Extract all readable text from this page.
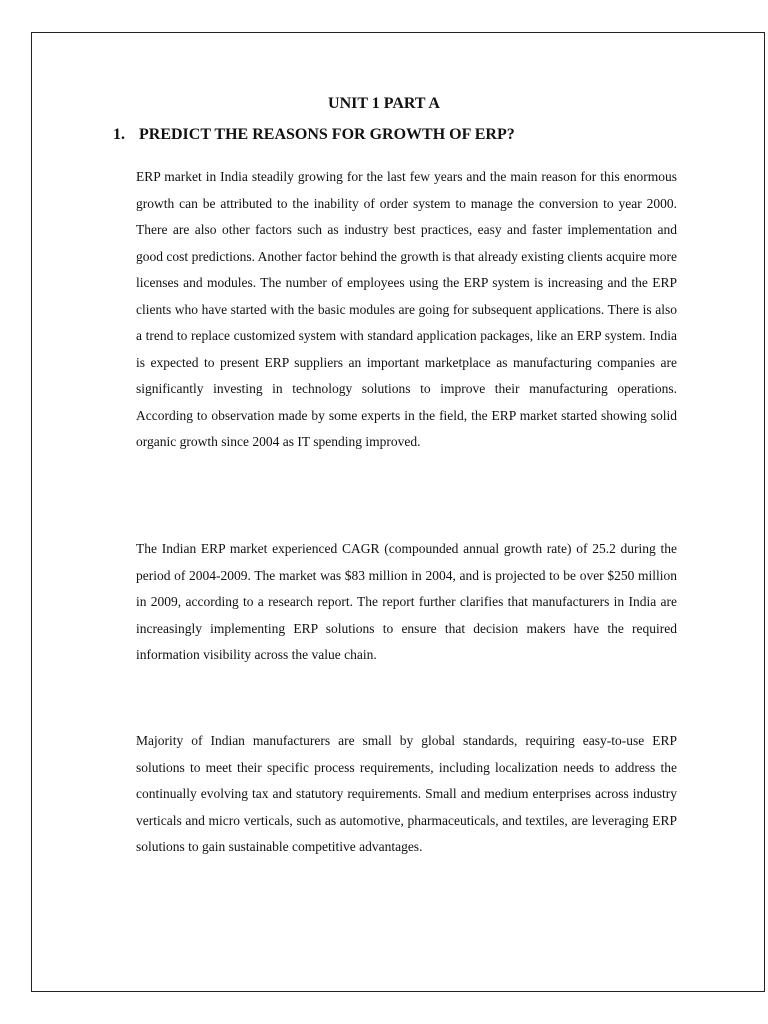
UNIT 1 PART A
1. PREDICT THE REASONS FOR GROWTH OF ERP?

ERP market in India steadily growing for the last few years and the main reason for this enormous growth can be attributed to the inability of order system to manage the conversion to year 2000. There are also other factors such as industry best practices, easy and faster implementation and good cost predictions. Another factor behind the growth is that already existing clients acquire more licenses and modules. The number of employees using the ERP system is increasing and the ERP clients who have started with the basic modules are going for subsequent applications. There is also a trend to replace customized system with standard application packages, like an ERP system. India is expected to present ERP suppliers an important marketplace as manufacturing companies are significantly investing in technology solutions to improve their manufacturing operations. According to observation made by some experts in the field, the ERP market started showing solid organic growth since 2004 as IT spending improved.

The Indian ERP market experienced CAGR (compounded annual growth rate) of 25.2 during the period of 2004-2009. The market was $83 million in 2004, and is projected to be over $250 million in 2009, according to a research report. The report further clarifies that manufacturers in India are increasingly implementing ERP solutions to ensure that decision makers have the required information visibility across the value chain.

Majority of Indian manufacturers are small by global standards, requiring easy-to-use ERP solutions to meet their specific process requirements, including localization needs to address the continually evolving tax and statutory requirements. Small and medium enterprises across industry verticals and micro verticals, such as automotive, pharmaceuticals, and textiles, are leveraging ERP solutions to gain sustainable competitive advantages.
